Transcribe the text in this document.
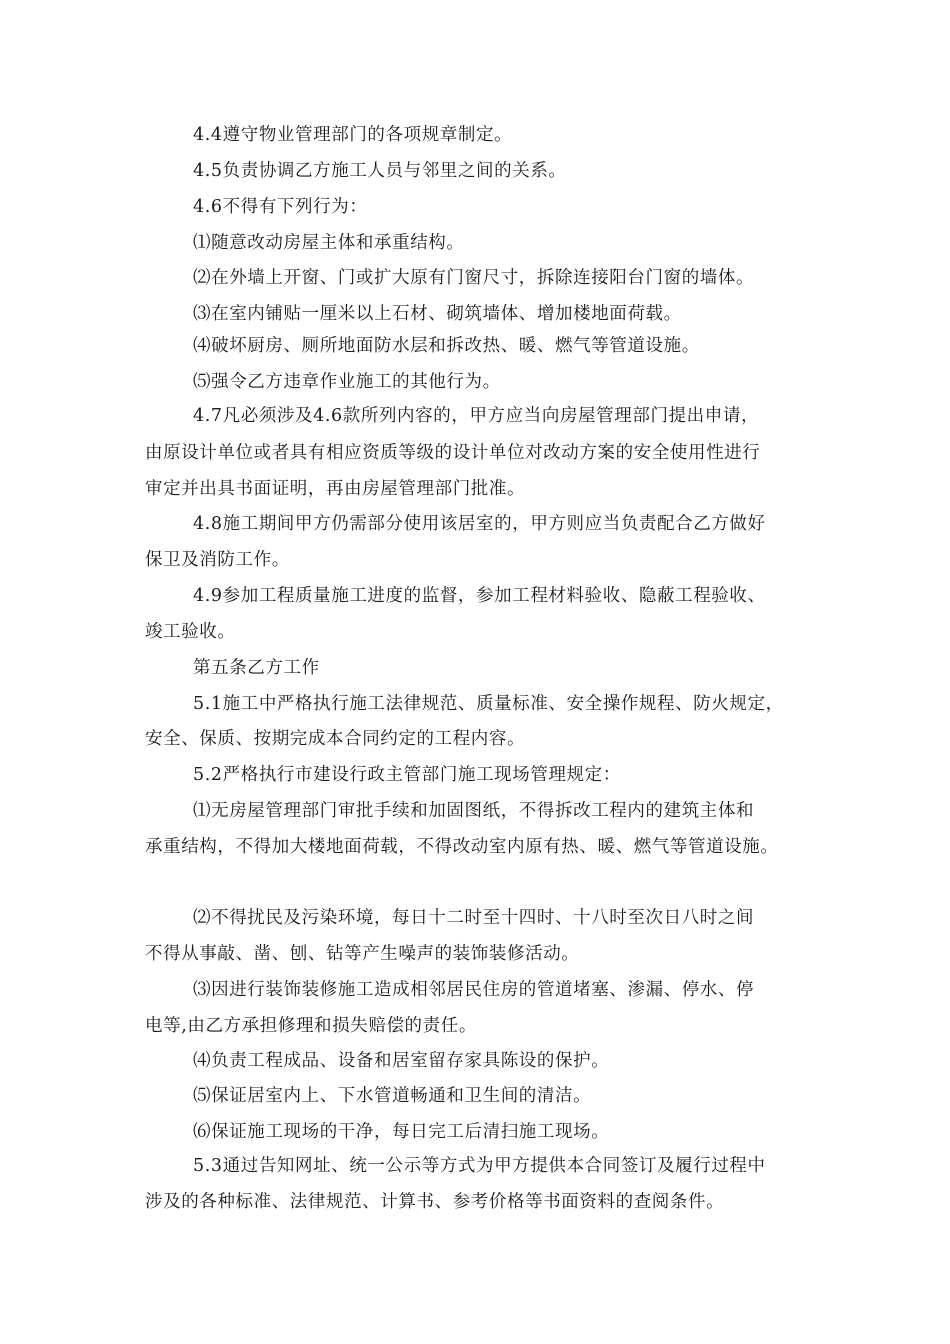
4.4遵守物业管理部门的各项规章制定。
4.5负责协调乙方施工人员与邻里之间的关系。
4.6不得有下列行为：
⑴随意改动房屋主体和承重结构。
⑵在外墙上开窗、门或扩大原有门窗尺寸，拆除连接阳台门窗的墙体。
⑶在室内铺贴一厘米以上石材、砌筑墙体、增加楼地面荷载。
⑷破坏厨房、厕所地面防水层和拆改热、暖、燃气等管道设施。
⑸强令乙方违章作业施工的其他行为。
4.7凡必须涉及4.6款所列内容的，甲方应当向房屋管理部门提出申请，
由原设计单位或者具有相应资质等级的设计单位对改动方案的安全使用性进行
审定并出具书面证明，再由房屋管理部门批准。
4.8施工期间甲方仍需部分使用该居室的，甲方则应当负责配合乙方做好
保卫及消防工作。
4.9参加工程质量施工进度的监督，参加工程材料验收、隐蔽工程验收、
竣工验收。
第五条乙方工作
5.1施工中严格执行施工法律规范、质量标准、安全操作规程、防火规定，
安全、保质、按期完成本合同约定的工程内容。
5.2严格执行市建设行政主管部门施工现场管理规定：
⑴无房屋管理部门审批手续和加固图纸，不得拆改工程内的建筑主体和
承重结构，不得加大楼地面荷载，不得改动室内原有热、暖、燃气等管道设施。
⑵不得扰民及污染环境，每日十二时至十四时、十八时至次日八时之间
不得从事敲、凿、刨、钻等产生噪声的装饰装修活动。
⑶因进行装饰装修施工造成相邻居民住房的管道堵塞、渗漏、停水、停
电等,由乙方承担修理和损失赔偿的责任。
⑷负责工程成品、设备和居室留存家具陈设的保护。
⑸保证居室内上、下水管道畅通和卫生间的清洁。
⑹保证施工现场的干净，每日完工后清扫施工现场。
5.3通过告知网址、统一公示等方式为甲方提供本合同签订及履行过程中
涉及的各种标准、法律规范、计算书、参考价格等书面资料的查阅条件。
